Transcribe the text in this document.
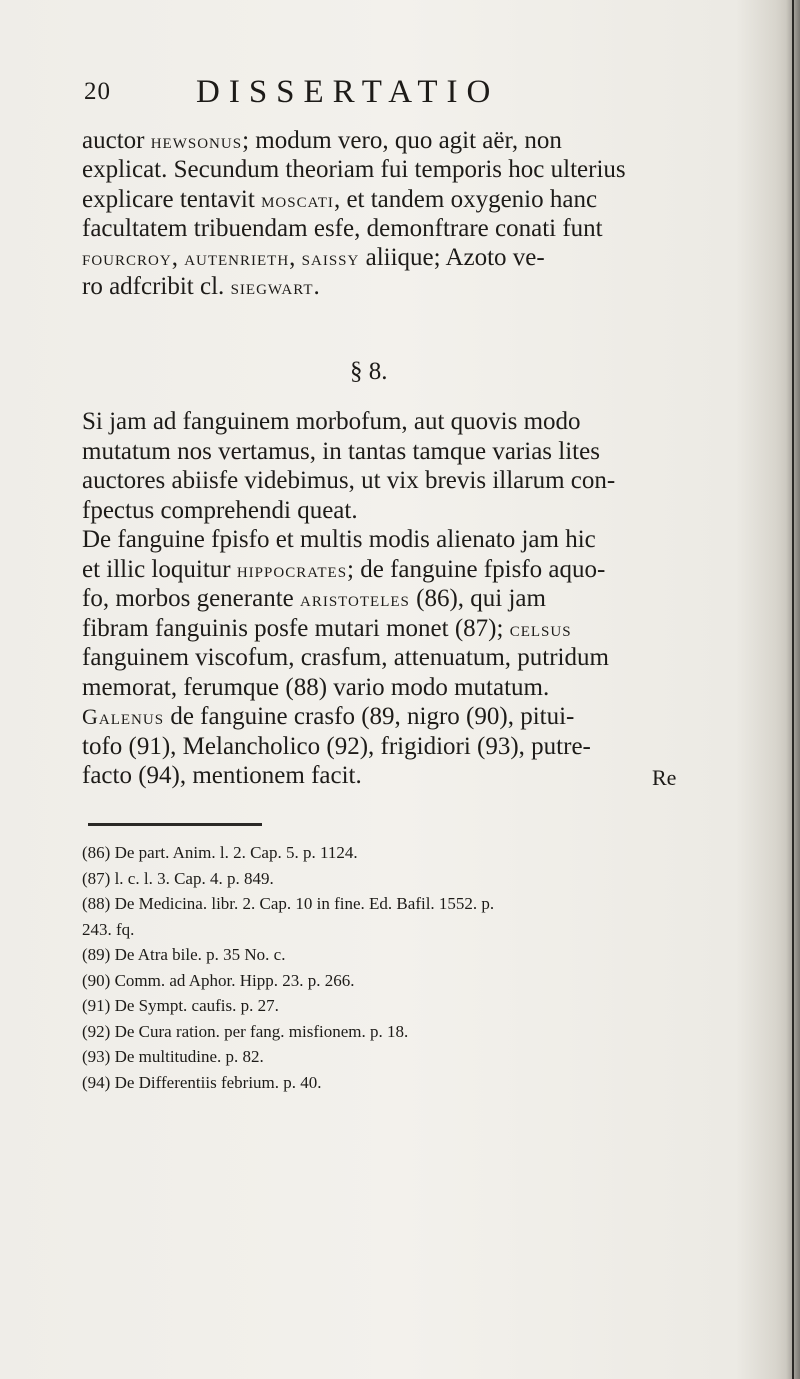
20	DISSERTATIO
auctor hewsonus; modum vero, quo agit aër, non
explicat. Secundum theoriam fui temporis hoc ulterius
explicare tentavit moscati, et tandem oxygenio hanc
facultatem tribuendam esfe, demonftrare conati funt
fourcroy, autenrieth, saissy aliique; Azoto ve-
ro adfcribit cl. siegwart.
§ 8.
Si jam ad fanguinem morbofum, aut quovis modo
mutatum nos vertamus, in tantas tamque varias lites
auctores abiisfe videbimus, ut vix brevis illarum con-
fpectus comprehendi queat.
De fanguine fpisfo et multis modis alienato jam hic
et illic loquitur hippocrates; de fanguine fpisfo aquo-
fo, morbos generante aristoteles (86), qui jam
fibram fanguinis posfe mutari monet (87); celsus
fanguinem viscofum, crasfum, attenuatum, putridum
memorat, ferumque (88) vario modo mutatum.
Galenus de fanguine crasfo (89, nigro (90), pitui-
tofo (91), Melancholico (92), frigidiori (93), putre-
facto (94), mentionem facit.	Re
(86) De part. Anim. l. 2. Cap. 5. p. 1124.
(87) l. c. l. 3. Cap. 4. p. 849.
(88) De Medicina. libr. 2. Cap. 10 in fine. Ed. Bafil. 1552. p.
243. fq.
(89) De Atra bile. p. 35 No. c.
(90) Comm. ad Aphor. Hipp. 23. p. 266.
(91) De Sympt. caufis. p. 27.
(92) De Cura ration. per fang. misfionem. p. 18.
(93) De multitudine. p. 82.
(94) De Differentiis febrium. p. 40.
